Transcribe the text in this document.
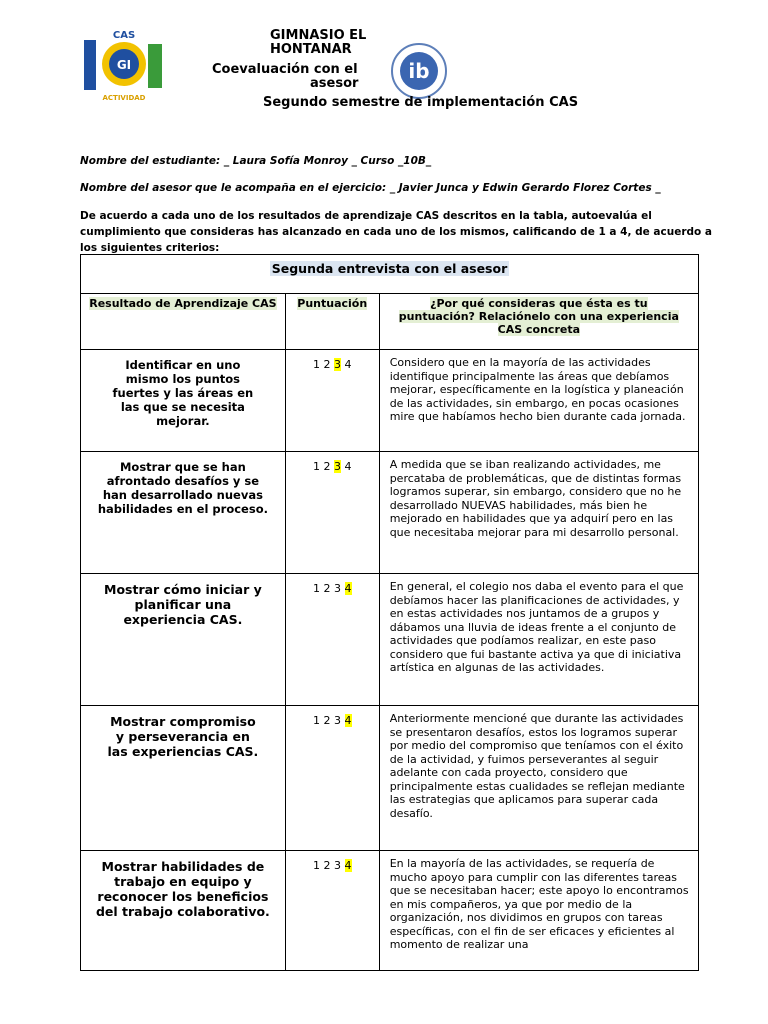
GI
CAS
ACTIVIDAD
GIMNASIO EL
HONTANAR
Coevaluación con el
asesor
ib
Segundo semestre de implementación CAS
Nombre del estudiante: _ Laura Sofía Monroy _ Curso _10B_
Nombre del asesor que le acompaña en el ejercicio: _ Javier Junca y Edwin Gerardo Florez Cortes _
De acuerdo a cada uno de los resultados de aprendizaje CAS descritos en la tabla, autoevalúa el cumplimiento que consideras has alcanzado en cada uno de los mismos, calificando de 1 a 4, de acuerdo a los siguientes criterios:
Segunda entrevista con el asesor		
Resultado de Aprendizaje CAS	Puntuación	¿Por qué consideras que ésta es tu puntuación? Relaciónelo con una experiencia CAS concreta
Identificar en uno mismo los puntos fuertes y las áreas en las que se necesita mejorar.	1 2 3 4	Considero que en la mayoría de las actividades identifique principalmente las áreas que debíamos mejorar, específicamente en la logística y planeación de las actividades, sin embargo, en pocas ocasiones mire que habíamos hecho bien durante cada jornada.
Mostrar que se han afrontado desafíos y se han desarrollado nuevas habilidades en el proceso.	1 2 3 4	A medida que se iban realizando actividades, me percataba de problemáticas, que de distintas formas logramos superar, sin embargo, considero que no he desarrollado NUEVAS habilidades, más bien he mejorado en habilidades que ya adquirí pero en las que necesitaba mejorar para mi desarrollo personal.
Mostrar cómo iniciar y planificar una experiencia CAS.	1 2 3 4	En general, el colegio nos daba el evento para el que debíamos hacer las planificaciones de actividades, y en estas actividades nos juntamos de a grupos y dábamos una lluvia de ideas frente a el conjunto de actividades que podíamos realizar, en este paso considero que fui bastante activa ya que di iniciativa artística en algunas de las actividades.
Mostrar compromiso y perseverancia en las experiencias CAS.	1 2 3 4	Anteriormente mencioné que durante las actividades se presentaron desafíos, estos los logramos superar por medio del compromiso que teníamos con el éxito de la actividad, y fuimos perseverantes al seguir adelante con cada proyecto, considero que principalmente estas cualidades se reflejan mediante las estrategias que aplicamos para superar cada desafío.
Mostrar habilidades de trabajo en equipo y reconocer los beneficios del trabajo colaborativo.	1 2 3 4	En la mayoría de las actividades, se requería de mucho apoyo para cumplir con las diferentes tareas que se necesitaban hacer; este apoyo lo encontramos en mis compañeros, ya que por medio de la organización, nos dividimos en grupos con tareas específicas, con el fin de ser eficaces y eficientes al momento de realizar una
